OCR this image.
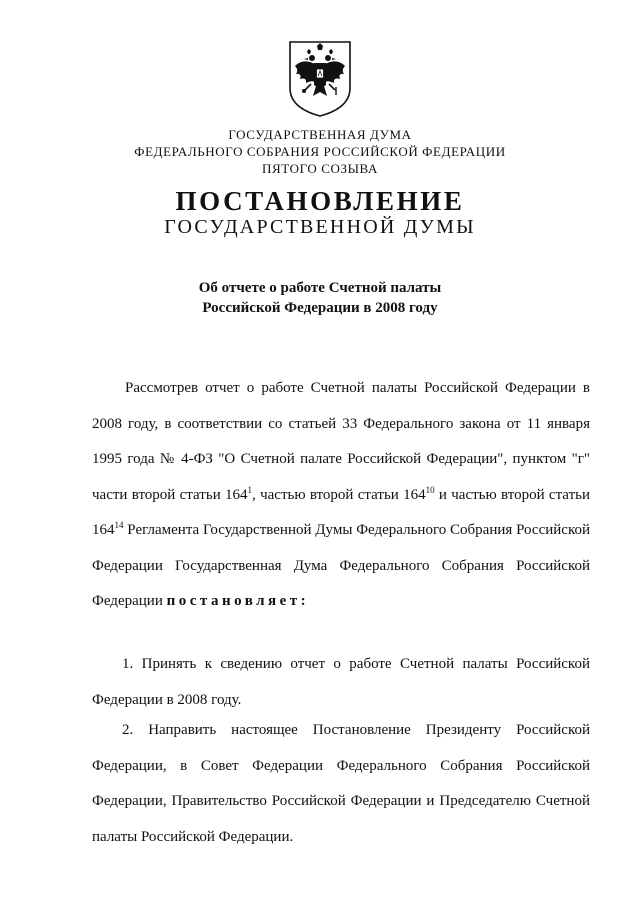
ГОСУДАРСТВЕННАЯ ДУМА
ФЕДЕРАЛЬНОГО СОБРАНИЯ РОССИЙСКОЙ ФЕДЕРАЦИИ
ПЯТОГО СОЗЫВА
ПОСТАНОВЛЕНИЕ
ГОСУДАРСТВЕННОЙ ДУМЫ
Об отчете о работе Счетной палаты
Российской Федерации в 2008 году
Рассмотрев отчет о работе Счетной палаты Российской Федерации в 2008 году, в соответствии со статьей 33 Федерального закона от 11 января 1995 года № 4-ФЗ "О Счетной палате Российской Федерации", пунктом "г" части второй статьи $164^1$, частью второй статьи $164^{10}$ и частью второй статьи $164^{14}$ Регламента Государственной Думы Федерального Собрания Российской Федерации Государственная Дума Федерального Собрания Российской Федерации постановляет:
1. Принять к сведению отчет о работе Счетной палаты Российской Федерации в 2008 году.
2. Направить настоящее Постановление Президенту Российской Федерации, в Совет Федерации Федерального Собрания Российской Федерации, Правительство Российской Федерации и Председателю Счетной палаты Российской Федерации.
